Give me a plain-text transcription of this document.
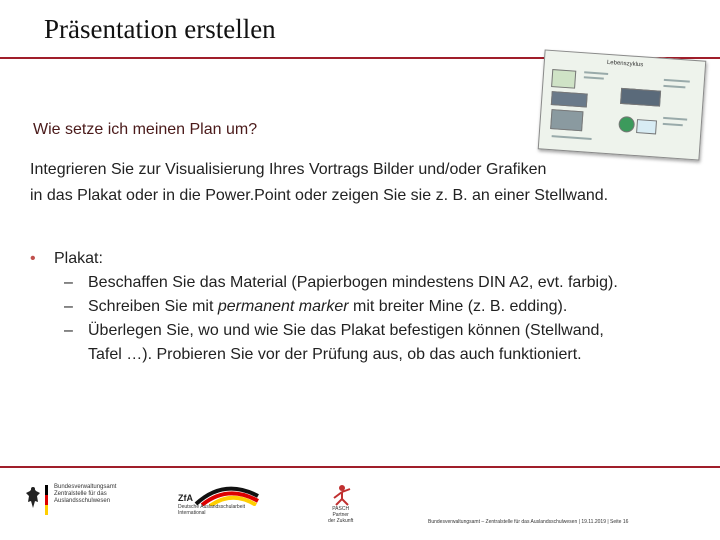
Präsentation erstellen
Lebenszyklus
Wie setze ich meinen Plan um?
Integrieren Sie zur Visualisierung Ihres Vortrags Bilder und/oder Grafiken
in das Plakat oder in die Power.Point oder zeigen Sie sie z. B. an einer Stellwand.
• Plakat:
– Beschaffen Sie das Material (Papierbogen mindestens DIN A2, evt. farbig).
– Schreiben Sie mit permanent marker mit breiter Mine (z. B. edding).
– Überlegen Sie, wo und wie Sie das Plakat befestigen können (Stellwand,
Tafel …). Probieren Sie vor der Prüfung aus, ob das auch funktioniert.
Bundesverwaltungsamt
Zentralstelle für das
Auslandsschulwesen	ZfA
Deutsche Auslandsschularbeit
International
PASCH
Partner
der Zukunft	Bundesverwaltungsamt – Zentralstelle für das Auslandsschulwesen | 19.11.2019 | Seite 16
